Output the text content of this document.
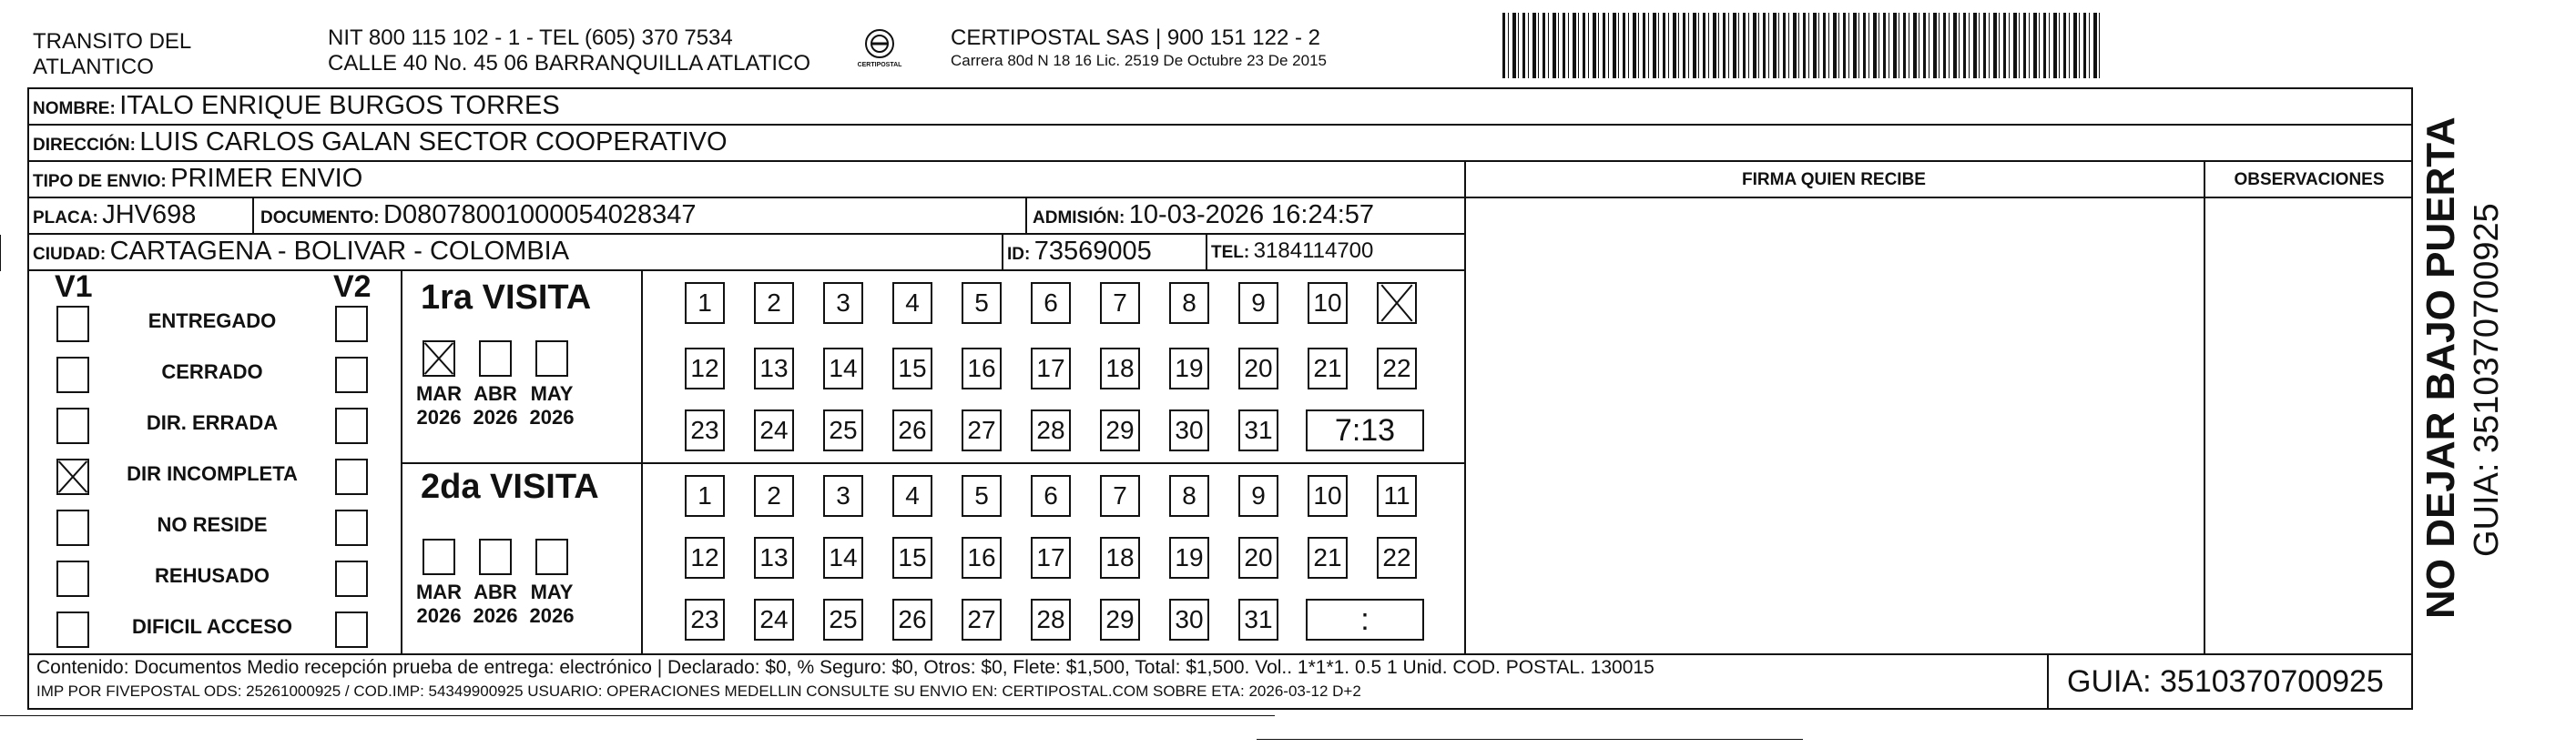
TRANSITO DEL
ATLANTICO
NIT 800 115 102 - 1 - TEL (605) 370 7534
CALLE 40 No. 45 06 BARRANQUILLA ATLATICO	CERTIPOSTAL
CERTIPOSTAL SAS | 900 151 122 - 2
Carrera 80d N 18 16 Lic. 2519 De Octubre 23 De 2015
NOMBRE: ITALO ENRIQUE BURGOS TORRES
DIRECCIÓN: LUIS CARLOS GALAN SECTOR COOPERATIVO
TIPO DE ENVIO: PRIMER ENVIO	FIRMA QUIEN RECIBE	OBSERVACIONES
PLACA: JHV698	DOCUMENTO: D08078001000054028347	ADMISIÓN: 10-03-2026 16:24:57
CIUDAD: CARTAGENA - BOLIVAR - COLOMBIA	ID: 73569005	TEL: 3184114700
V1	V2
ENTREGADO
CERRADO
DIR. ERRADA
DIR INCOMPLETA
NO RESIDE
REHUSADO
DIFICIL ACCESO
1ra VISITA
2da VISITA
MAR
2026
ABR
2026
MAY
2026
MAR
2026
ABR
2026
MAY
2026
1	2	3	4	5	6	7	8	9	10
12 13 14 15 16 17 18 19 20 21 22
23 24 25 26 27 28 29 30 31	7:13
1	2	3	4	5	6	7	8	9	10 11
12 13 14 15 16 17 18 19 20 21 22
23 24 25 26 27 28 29 30 31	:
NO DEJAR BAJO PUERTA GUIA: 3510370700925
Contenido: Documentos Medio recepción prueba de entrega: electrónico | Declarado: $0, % Seguro: $0, Otros: $0, Flete: $1,500, Total: $1,500. Vol.. 1*1*1. 0.5 1 Unid. COD. POSTAL. 130015
IMP POR FIVEPOSTAL ODS: 25261000925 / COD.IMP: 54349900925 USUARIO: OPERACIONES MEDELLIN CONSULTE SU ENVIO EN: CERTIPOSTAL.COM SOBRE ETA: 2026-03-12 D+2	GUIA: 3510370700925
